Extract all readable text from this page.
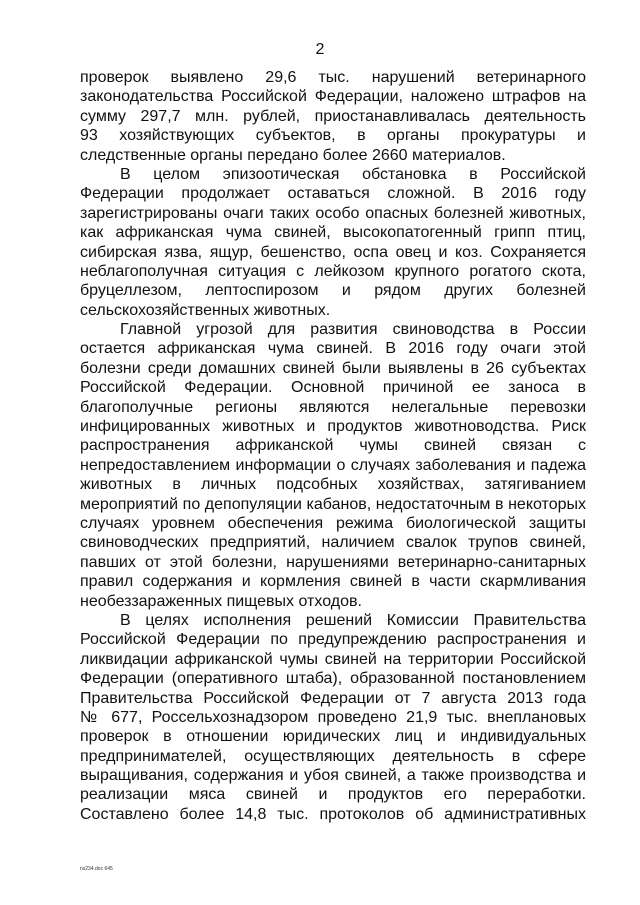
2
проверок выявлено 29,6 тыс. нарушений ветеринарного
законодательства Российской Федерации, наложено штрафов на
сумму 297,7 млн. рублей, приостанавливалась деятельность
93 хозяйствующих субъектов, в органы прокуратуры и
следственные органы передано более 2660 материалов.
В целом эпизоотическая обстановка в Российской
Федерации продолжает оставаться сложной. В 2016 году
зарегистрированы очаги таких особо опасных болезней животных,
как африканская чума свиней, высокопатогенный грипп птиц,
сибирская язва, ящур, бешенство, оспа овец и коз. Сохраняется
неблагополучная ситуация с лейкозом крупного рогатого скота,
бруцеллезом, лептоспирозом и рядом других болезней
сельскохозяйственных животных.
Главной угрозой для развития свиноводства в России
остается африканская чума свиней. В 2016 году очаги этой
болезни среди домашних свиней были выявлены в 26 субъектах
Российской Федерации. Основной причиной ее заноса в
благополучные регионы являются нелегальные перевозки
инфицированных животных и продуктов животноводства. Риск
распространения африканской чумы свиней связан с
непредоставлением информации о случаях заболевания и падежа
животных в личных подсобных хозяйствах, затягиванием
мероприятий по депопуляции кабанов, недостаточным в некоторых
случаях уровнем обеспечения режима биологической защиты
свиноводческих предприятий, наличием свалок трупов свиней,
павших от этой болезни, нарушениями ветеринарно-санитарных
правил содержания и кормления свиней в части скармливания
необеззараженных пищевых отходов.
В целях исполнения решений Комиссии Правительства
Российской Федерации по предупреждению распространения и
ликвидации африканской чумы свиней на территории Российской
Федерации (оперативного штаба), образованной постановлением
Правительства Российской Федерации от 7 августа 2013 года
№ 677, Россельхознадзором проведено 21,9 тыс. внеплановых
проверок в отношении юридических лиц и индивидуальных
предпринимателей, осуществляющих деятельность в сфере
выращивания, содержания и убоя свиней, а также производства и
реализации мяса свиней и продуктов его переработки.
Составлено более 14,8 тыс. протоколов об административных
ns234.doc 645
